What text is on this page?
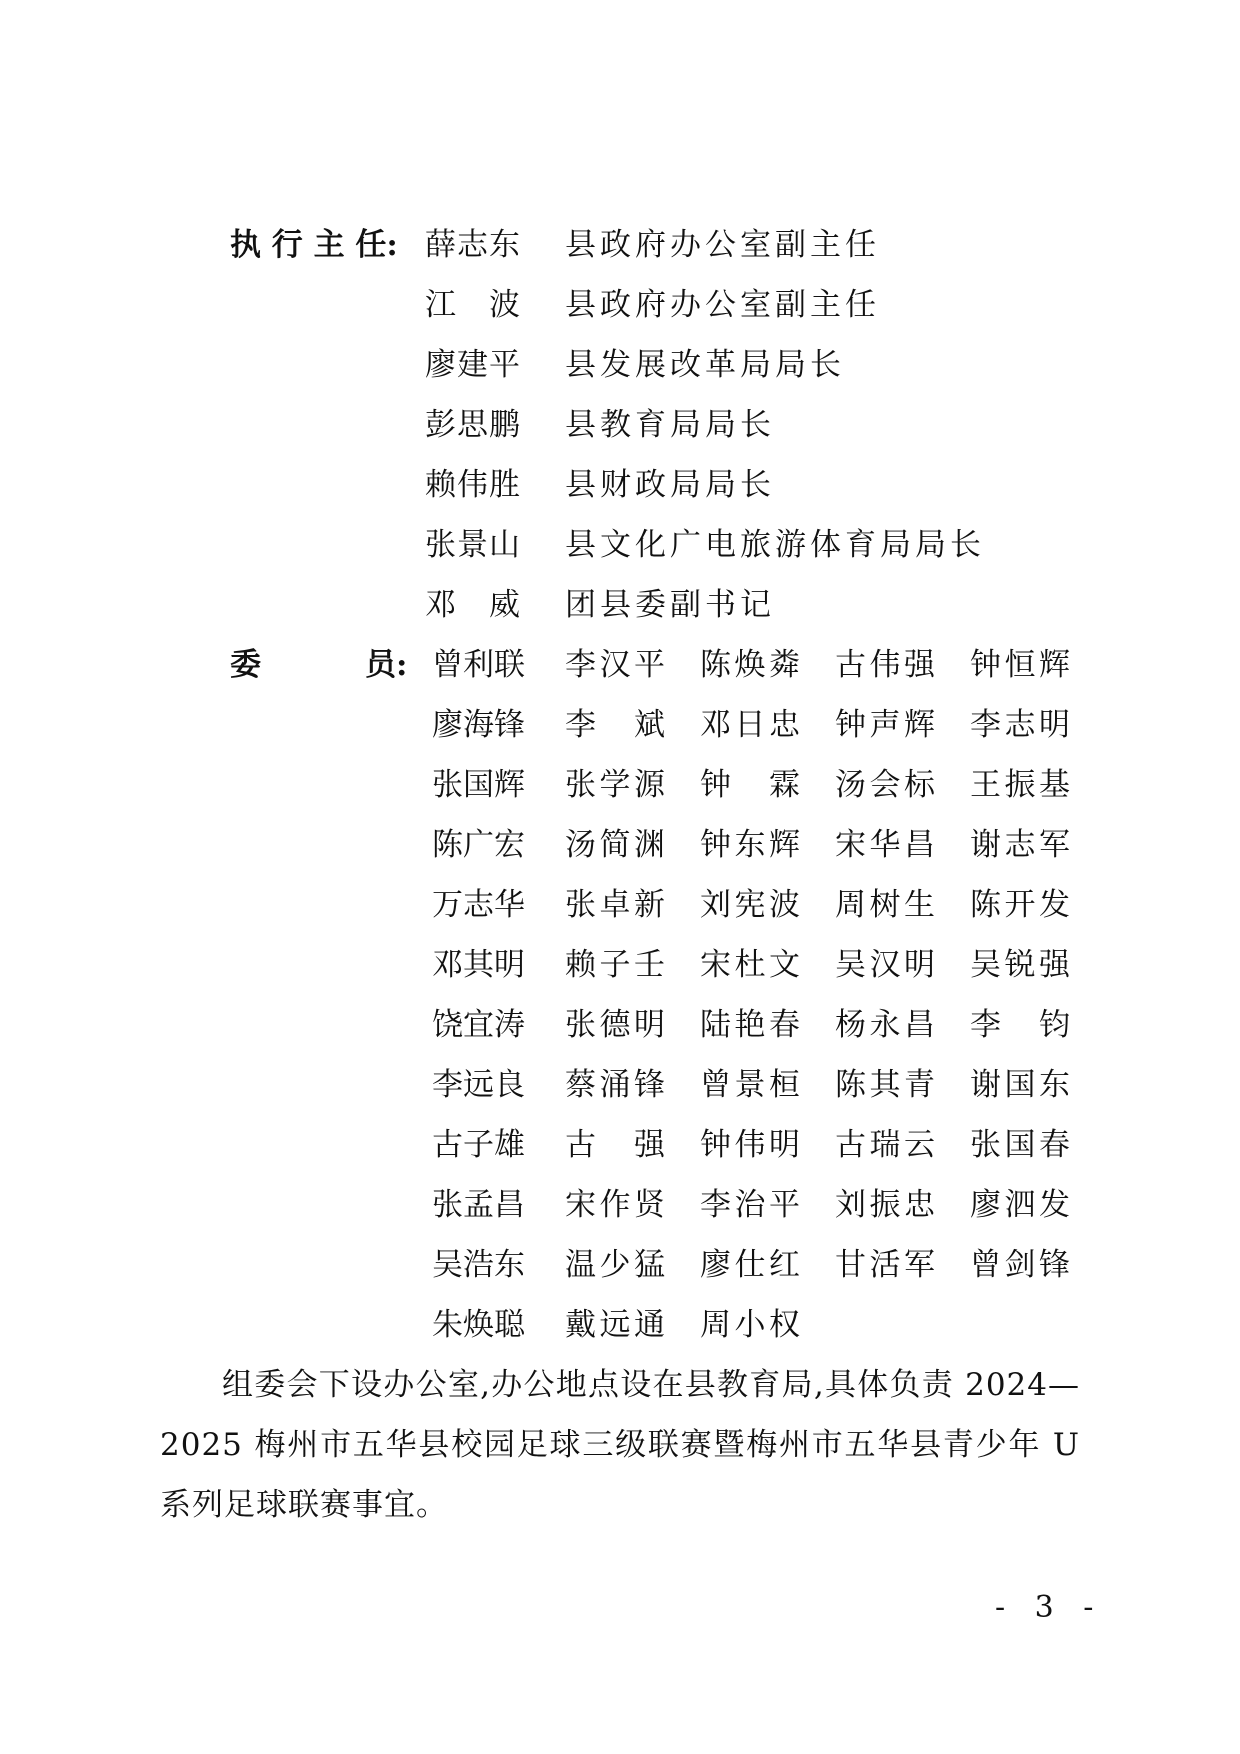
执 行 主 任: 薛志东 县政府办公室副主任
江　波 县政府办公室副主任
廖建平 县发展改革局局长
彭思鹏 县教育局局长
赖伟胜 县财政局局长
张景山 县文化广电旅游体育局局长
邓　威 团县委副书记
委	员: 曾利联 李汉平 陈焕粦 古伟强 钟恒辉
廖海锋 李　斌 邓日忠 钟声辉 李志明
张国辉 张学源 钟　霖 汤会标 王振基
陈广宏 汤简渊 钟东辉 宋华昌 谢志军
万志华 张卓新 刘宪波 周树生 陈开发
邓其明 赖子壬 宋杜文 吴汉明 吴锐强
饶宜涛 张德明 陆艳春 杨永昌 李　钧
李远良 蔡涌锋 曾景桓 陈其青 谢国东
古子雄 古　强 钟伟明 古瑞云 张国春
张孟昌 宋作贤 李治平 刘振忠 廖泗发
吴浩东 温少猛 廖仕红 甘活军 曾剑锋
朱焕聪 戴远通 周小权

组委会下设办公室,办公地点设在县教育局,具体负责 2024—2025 梅州市五华县校园足球三级联赛暨梅州市五华县青少年 U 系列足球联赛事宜。

- 3 -
